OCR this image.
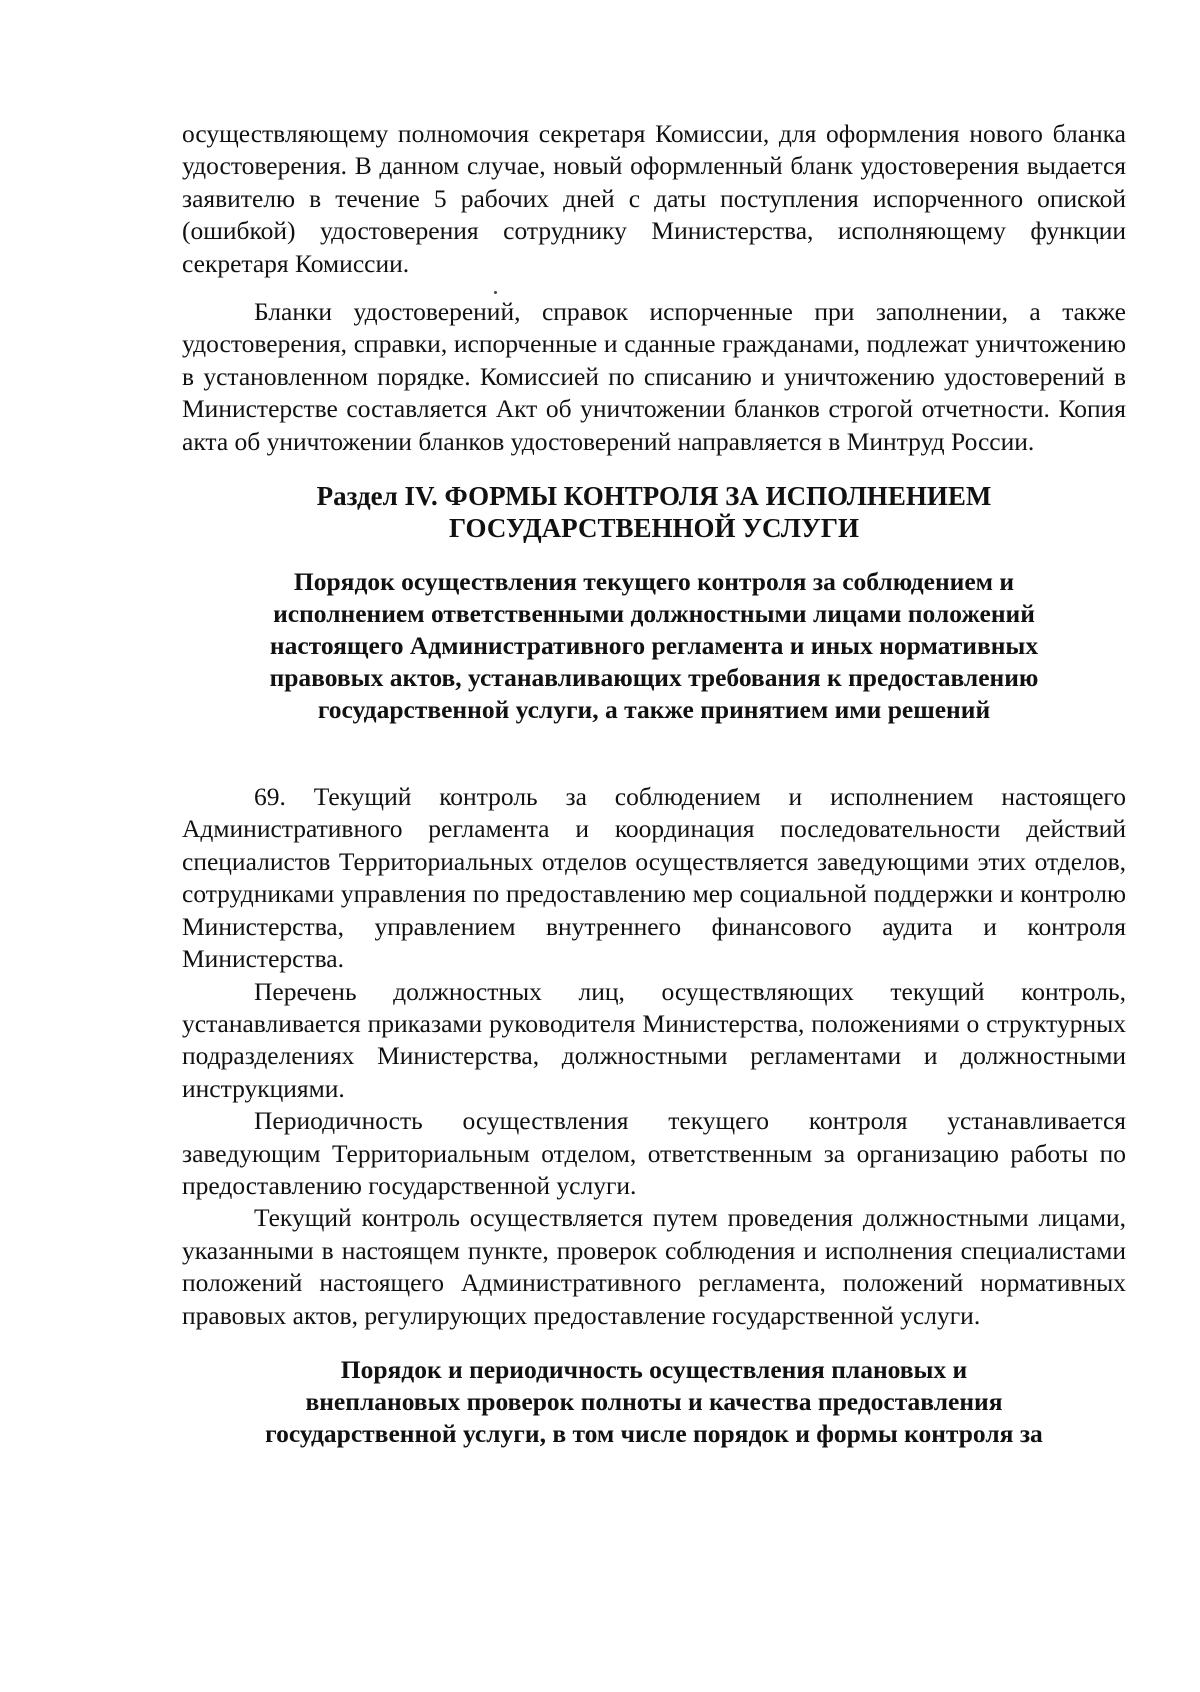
осуществляющему полномочия секретаря Комиссии, для оформления нового бланка удостоверения. В данном случае, новый оформленный бланк удостоверения выдается заявителю в течение 5 рабочих дней с даты поступления испорченного опиской (ошибкой) удостоверения сотруднику Министерства, исполняющему функции секретаря Комиссии.

Бланки удостоверений, справок испорченные при заполнении, а также удостоверения, справки, испорченные и сданные гражданами, подлежат уничтожению в установленном порядке. Комиссией по списанию и уничтожению удостоверений в Министерстве составляется Акт об уничтожении бланков строгой отчетности. Копия акта об уничтожении бланков удостоверений направляется в Минтруд России.

Раздел IV. ФОРМЫ КОНТРОЛЯ ЗА ИСПОЛНЕНИЕМ
ГОСУДАРСТВЕННОЙ УСЛУГИ
Порядок осуществления текущего контроля за соблюдением и
исполнением ответственными должностными лицами положений
настоящего Административного регламента и иных нормативных
правовых актов, устанавливающих требования к предоставлению
государственной услуги, а также принятием ими решений

69. Текущий контроль за соблюдением и исполнением настоящего Административного регламента и координация последовательности действий специалистов Территориальных отделов осуществляется заведующими этих отделов, сотрудниками управления по предоставлению мер социальной поддержки и контролю Министерства, управлением внутреннего финансового аудита и контроля Министерства.

Перечень должностных лиц, осуществляющих текущий контроль, устанавливается приказами руководителя Министерства, положениями о структурных подразделениях Министерства, должностными регламентами и должностными инструкциями.

Периодичность осуществления текущего контроля устанавливается заведующим Территориальным отделом, ответственным за организацию работы по предоставлению государственной услуги.

Текущий контроль осуществляется путем проведения должностными лицами, указанными в настоящем пункте, проверок соблюдения и исполнения специалистами положений настоящего Административного регламента, положений нормативных правовых актов, регулирующих предоставление государственной услуги.

Порядок и периодичность осуществления плановых и
внеплановых проверок полноты и качества предоставления
государственной услуги, в том числе порядок и формы контроля за
